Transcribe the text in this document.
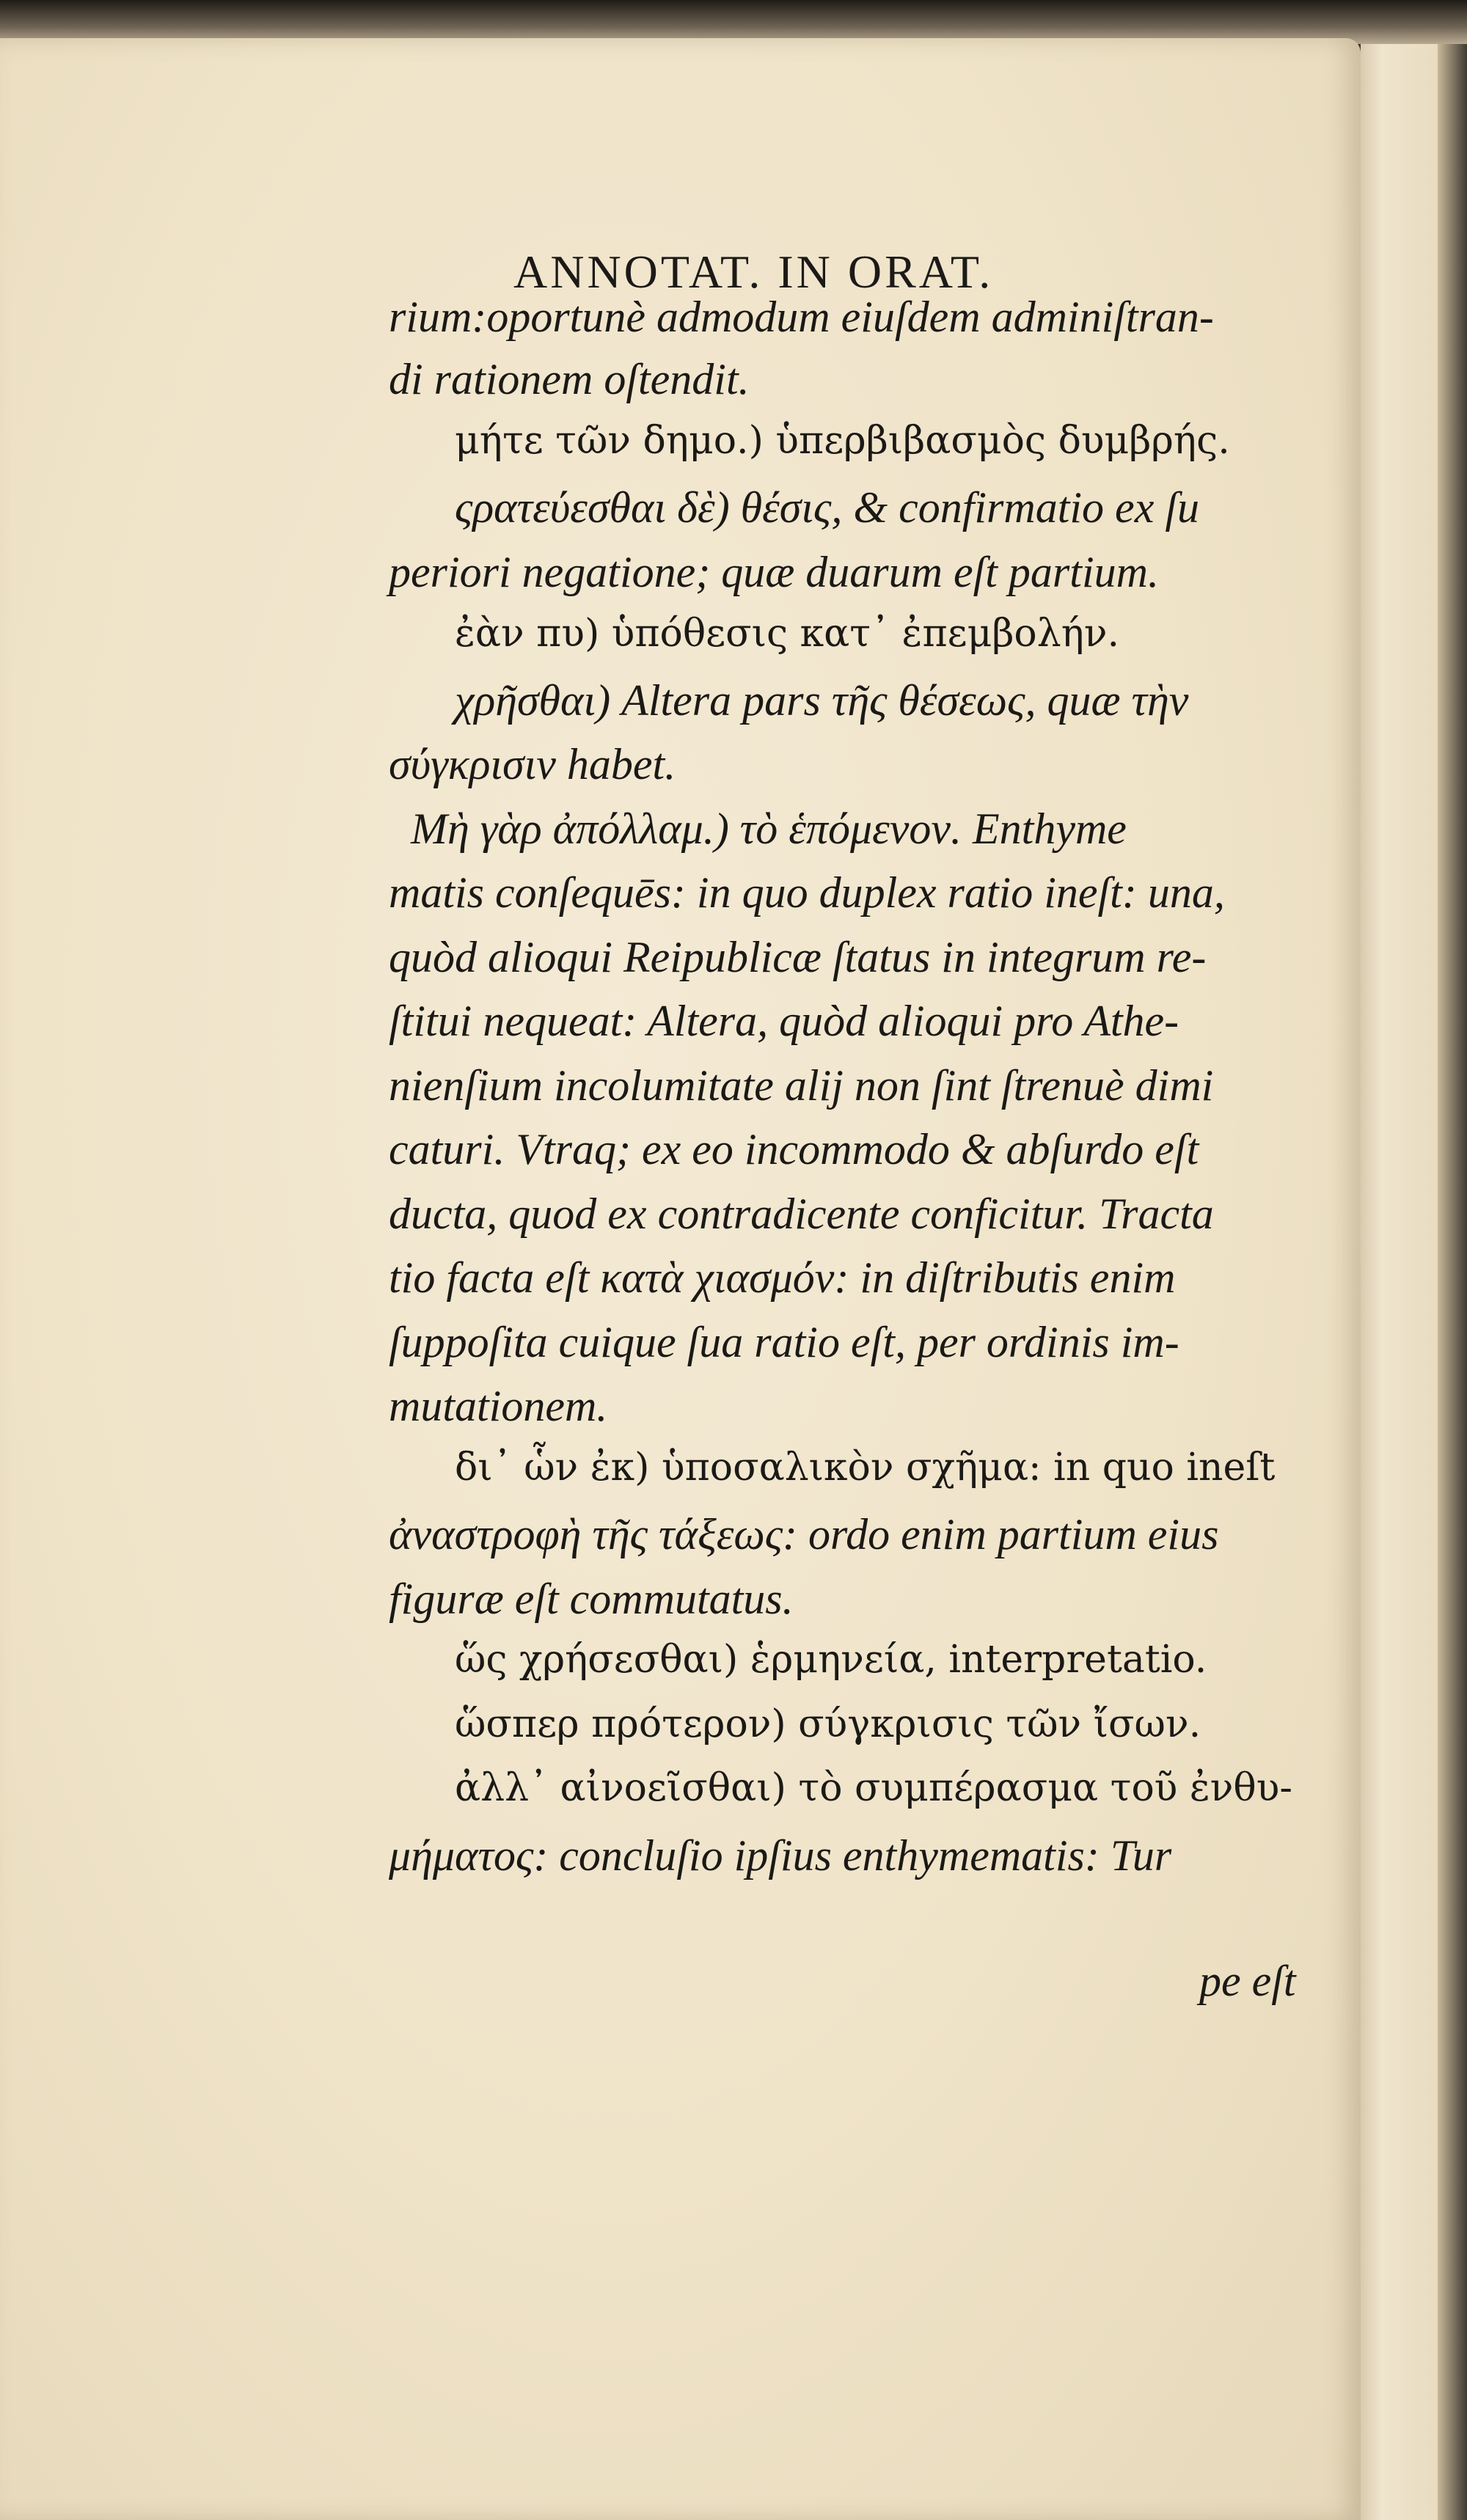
ANNOTAT. IN ORAT.
rium:oportunè admodum eiuſdem adminiſtran-
di rationem oſtendit.
μήτε τῶν δημο.) ὑπερβιβασμὸς δυμβρής.
ςρατεύεσθαι δὲ) θέσις, & confirmatio ex ſu
periori negatione; quæ duarum eſt partium.
ἐὰν πυ) ὑπόθεσις κατ᾽ ἐπεμβολήν.
χρῆσθαι) Altera pars τῆς θέσεως, quæ τὴν
σύγκρισιν habet.
Μὴ γὰρ ἀπόλλαμ.) τὸ ἑπόμενον. Enthyme
matis conſequēs: in quo duplex ratio ineſt: una,
quòd alioqui Reipublicæ ſtatus in integrum re-
ſtitui nequeat: Altera, quòd alioqui pro Athe-
nienſium incolumitate alij non ſint ſtrenuè dimi
caturi. Vtraq; ex eo incommodo & abſurdo eſt
ducta, quod ex contradicente conficitur. Tracta
tio facta eſt κατὰ χιασμόν: in diſtributis enim
ſuppoſita cuique ſua ratio eſt, per ordinis im-
mutationem.
δι᾽ ὧν ἐκ) ὑποσαλικὸν σχῆμα: in quo ineſt
ἀναστροφὴ τῆς τάξεως: ordo enim partium eius
figuræ eſt commutatus.
ὥς χρήσεσθαι) ἑρμηνεία, interpretatio.
ὥσπερ πρότερον) σύγκρισις τῶν ἴσων.
ἀλλ᾽ αἰνοεῖσθαι) τὸ συμπέρασμα τοῦ ἐνθυ-
μήματος: concluſio ipſius enthymematis: Tur
pe eſt
